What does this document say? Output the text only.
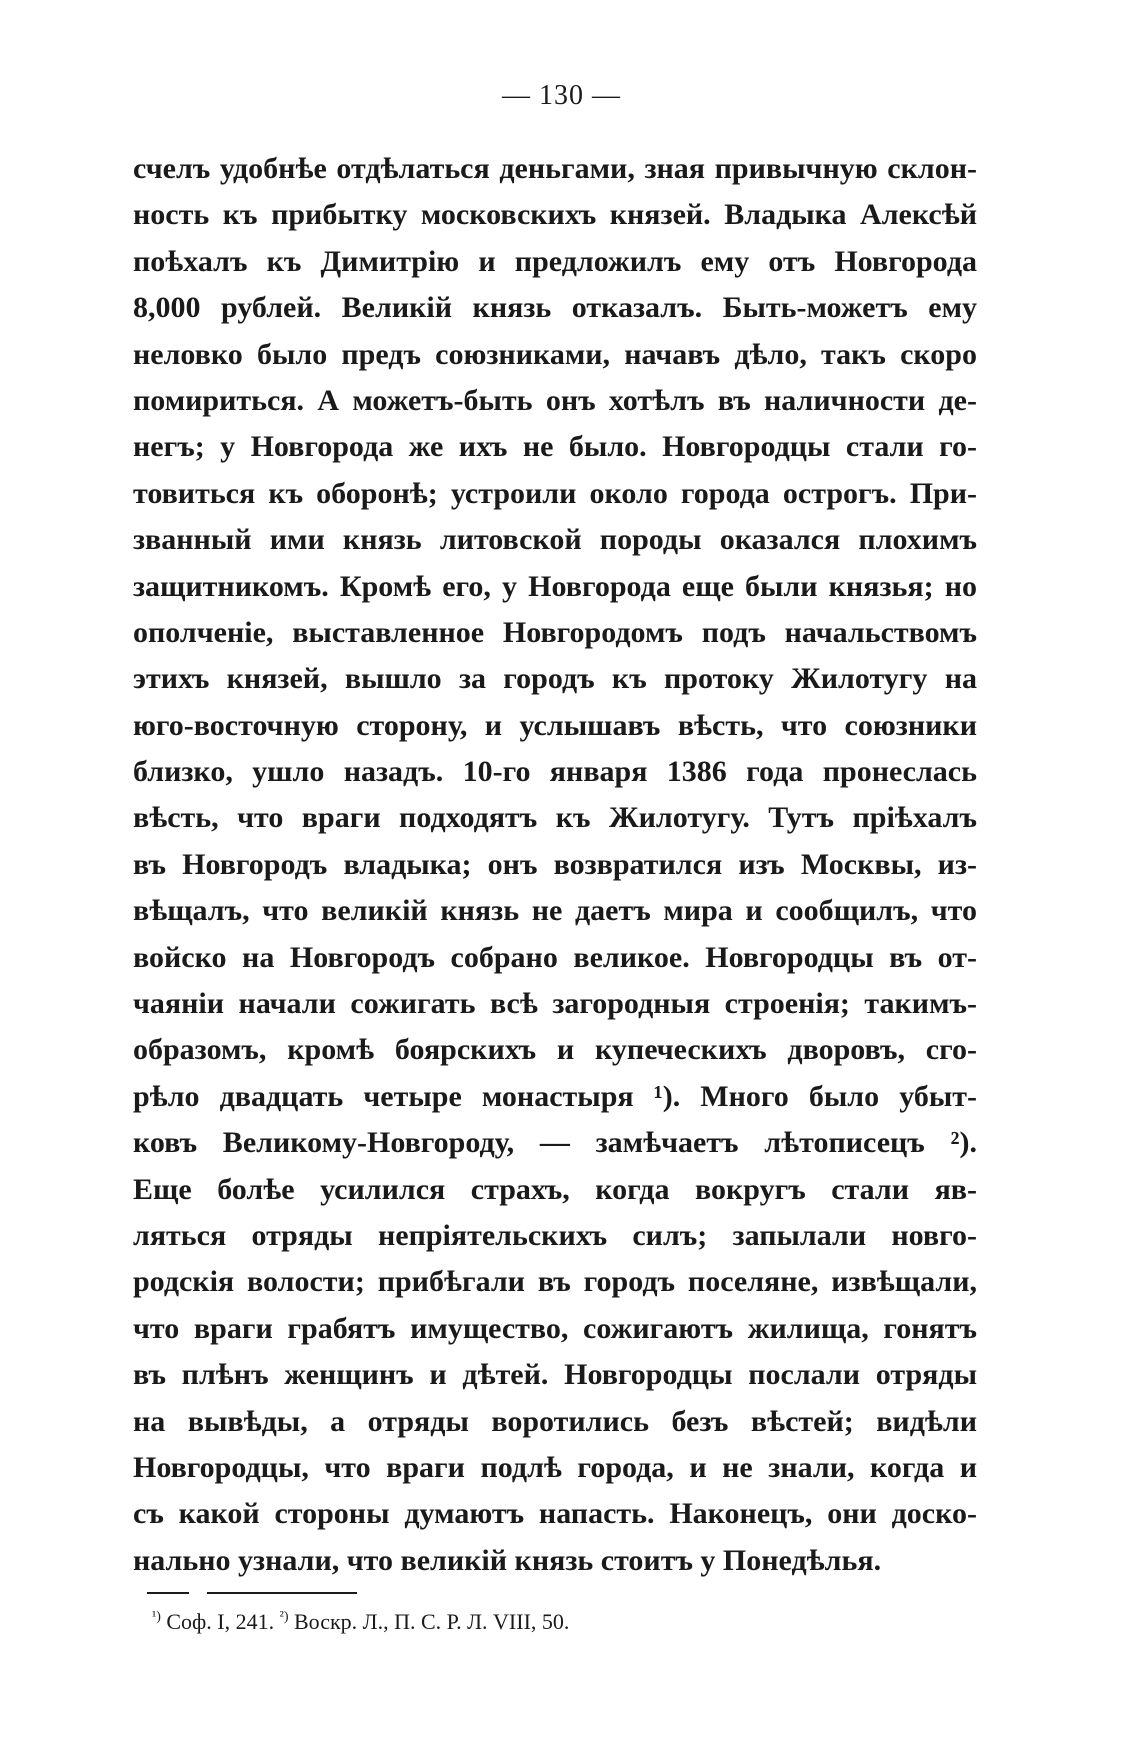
— 130 —
счелъ удобнѣе отдѣлаться деньгами, зная привычную склон-
ность къ прибытку московскихъ князей. Владыка Алексѣй
поѣхалъ къ Димитрію и предложилъ ему отъ Новгорода
8,000 рублей. Великій князь отказалъ. Быть-можетъ ему
неловко было предъ союзниками, начавъ дѣло, такъ скоро
помириться. А можетъ-быть онъ хотѣлъ въ наличности де-
негъ; у Новгорода же ихъ не было. Новгородцы стали го-
товиться къ оборонѣ; устроили около города острогъ. При-
званный ими князь литовской породы оказался плохимъ
защитникомъ. Кромѣ его, у Новгорода еще были князья; но
ополченіе, выставленное Новгородомъ подъ начальствомъ
этихъ князей, вышло за городъ къ протоку Жилотугу на
юго-восточную сторону, и услышавъ вѣсть, что союзники
близко, ушло назадъ. 10-го января 1386 года пронеслась
вѣсть, что враги подходятъ къ Жилотугу. Тутъ пріѣхалъ
въ Новгородъ владыка; онъ возвратился изъ Москвы, из-
вѣщалъ, что великій князь не даетъ мира и сообщилъ, что
войско на Новгородъ собрано великое. Новгородцы въ от-
чаяніи начали сожигать всѣ загородныя строенія; такимъ-
образомъ, кромѣ боярскихъ и купеческихъ дворовъ, сго-
рѣло двадцать четыре монастыря ¹). Много было убыт-
ковъ Великому-Новгороду, — замѣчаетъ лѣтописецъ ²).
Еще болѣе усилился страхъ, когда вокругъ стали яв-
ляться отряды непріятельскихъ силъ; запылали новго-
родскія волости; прибѣгали въ городъ поселяне, извѣщали,
что враги грабятъ имущество, сожигаютъ жилища, гонятъ
въ плѣнъ женщинъ и дѣтей. Новгородцы послали отряды
на вывѣды, а отряды воротились безъ вѣстей; видѣли
Новгородцы, что враги подлѣ города, и не знали, когда и
съ какой стороны думаютъ напасть. Наконецъ, они доско-
нально узнали, что великій князь стоитъ у Понедѣлья.
$^{^1)}$ Соф. I, 241. $^{^2)}$ Воскр. Л., П. С. Р. Л. VIII, 50.
